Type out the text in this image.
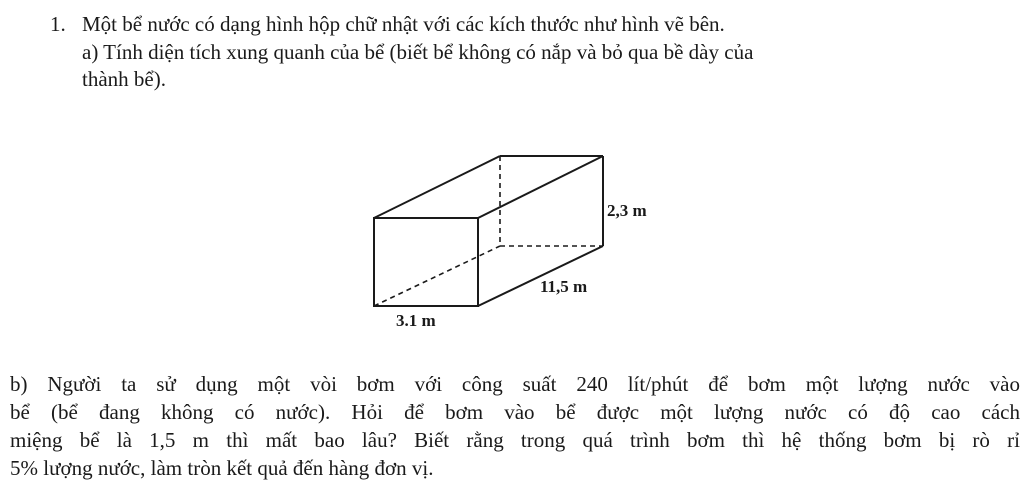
1. Một bể nước có dạng hình hộp chữ nhật với các kích thước như hình vẽ bên.
a) Tính diện tích xung quanh của bể (biết bể không có nắp và bỏ qua bề dày của
thành bể).
2,3 m
11,5 m
3.1 m
b) Người ta sử dụng một vòi bơm với công suất 240 lít/phút để bơm một lượng nước vào
bể (bể đang không có nước). Hỏi để bơm vào bể được một lượng nước có độ cao cách
miệng bể là 1,5 m thì mất bao lâu? Biết rằng trong quá trình bơm thì hệ thống bơm bị rò rỉ
5% lượng nước, làm tròn kết quả đến hàng đơn vị.
